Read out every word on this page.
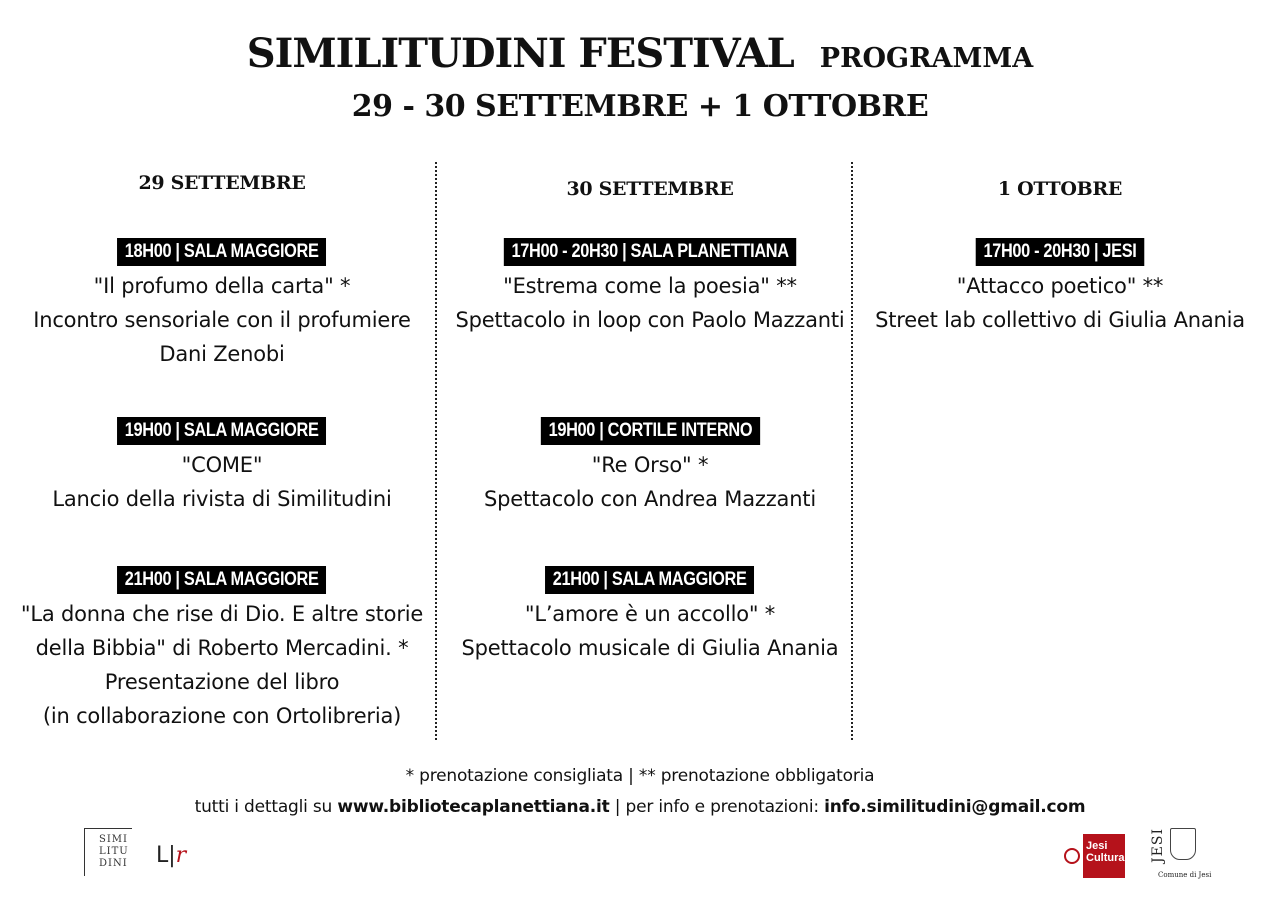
SIMILITUDINI FESTIVAL PROGRAMMA
29 - 30 SETTEMBRE + 1 OTTOBRE
29 SETTEMBRE
18H00 | SALA MAGGIORE
"Il profumo della carta" *
Incontro sensoriale con il profumiere
Dani Zenobi
19H00 | SALA MAGGIORE
"COME"
Lancio della rivista di Similitudini
21H00 | SALA MAGGIORE
"La donna che rise di Dio. E altre storie
della Bibbia" di Roberto Mercadini. *
Presentazione del libro
(in collaborazione con Ortolibreria)
30 SETTEMBRE
17H00 - 20H30 | SALA PLANETTIANA
"Estrema come la poesia" **
Spettacolo in loop con Paolo Mazzanti
19H00 | CORTILE INTERNO
"Re Orso" *
Spettacolo con Andrea Mazzanti
21H00 | SALA MAGGIORE
"L’amore è un accollo" *
Spettacolo musicale di Giulia Anania
1 OTTOBRE
17H00 - 20H30 | JESI
"Attacco poetico" **
Street lab collettivo di Giulia Anania
* prenotazione consigliata | ** prenotazione obbligatoria
tutti i dettagli su www.bibliotecaplanettiana.it | per info e prenotazioni: info.similitudini@gmail.com
SIMI
LITU
DINI L|r	Jesi
Cultura JESI
Comune di Jesi
